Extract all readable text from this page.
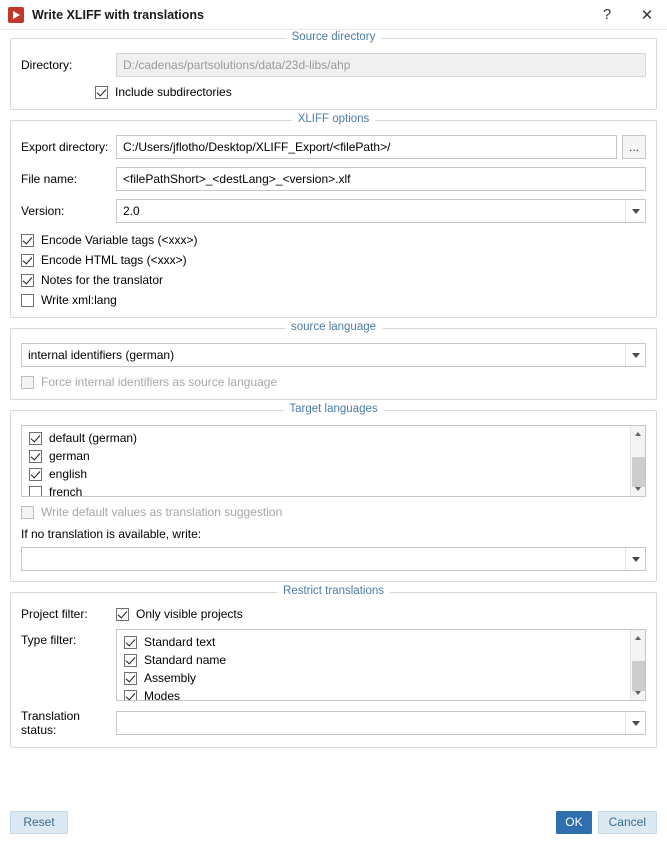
Write XLIFF with translations	?	✕
Source directory
Directory:	D:/cadenas/partsolutions/data/23d-libs/ahp
Include subdirectories
XLIFF options
Export directory:	C:/Users/jflotho/Desktop/XLIFF_Export/<filePath>/	...
File name:	<filePathShort>_<destLang>_<version>.xlf
Version:	2.0
Encode Variable tags (<xxx>)
Encode HTML tags (<xxx>)
Notes for the translator
Write xml:lang
source language
internal identifiers (german)
Force internal identifiers as source language
Target languages
default (german)
german
english
french
Write default values as translation suggestion
If no translation is available, write:
Restrict translations
Project filter:	Only visible projects
Type filter:	Standard text
Standard name
Assembly
Modes
Translation status:
Reset	OK	Cancel
